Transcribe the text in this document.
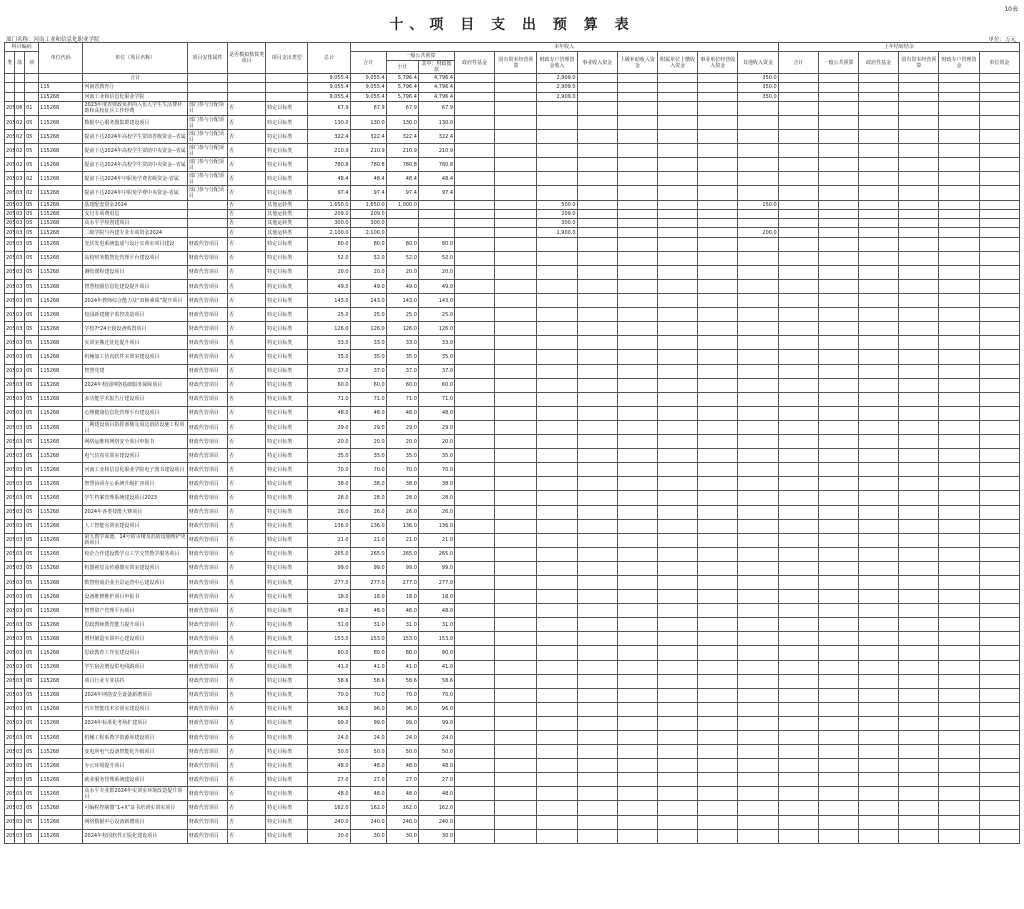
10表
十、项 目 支 出 预 算 表
部门名称：河南工业和信息化职业学院	单位：万元
科目编码			单位代码	单位（项目名称）	项目安排属性	是否模拟核算类项目	项目支出类型	总计	本年收入											上年结转结余					
类	款	项							合计	一般公共预算		政府性基金	国有资本经营预算	财政专户管理资金收入	事业收入资金	上级补助收入资金	附属单位上缴收入资金	事业单位经营收入资金	其他收入资金	合计	一般公共预算	政府性基金	国有资本经营预算	财政专户管理资金	单位资金
										小计	其中：财政拨款														
				合计				9,055.4	9,055.4	5,796.4	4,796.4			2,909.0					350.0						
			115	河南省教育厅				9,055.4	9,055.4	5,796.4	4,796.4			2,909.0					350.0						
			115268	河南工业和信息化职业学院				9,055.4	9,055.4	5,796.4	4,796.4			2,909.0					350.0						
205	06	01	115268	2023年度省财政负担的入伍大学生生活费补助和高校征兵工作经费	部门参与分配项目	否	特定目标类	67.9	67.9	67.9	67.9														
205	02	05	115268	数据中心服务器集群建设项目	部门参与分配项目	否	特定目标类	130.0	130.0	130.0	130.0														
205	02	05	115268	提前下达2024年高校学生资助省级资金--省属	部门参与分配项目	否	特定目标类	322.4	322.4	322.4	322.4														
205	02	05	115268	提前下达2024年高校学生资助中央资金--省属	部门参与分配项目	否	特定目标类	210.9	210.9	210.9	210.9														
205	02	05	115268	提前下达2024年高校学生资助中央资金--省属	部门参与分配项目	否	特定目标类	780.8	780.8	780.8	780.8														
205	03	02	115268	提前下达2024年中职免学费省级资金-省属	部门参与分配项目	否	特定目标类	48.4	48.4	48.4	48.4														
205	03	02	115268	提前下达2024年中职免学费中央资金-省属	部门参与分配项目	否	特定目标类	97.4	97.4	97.4	97.4														
205	03	05	115268	基建配套资金2024		否	其他运转类	1,650.0	1,650.0	1,000.0				500.0					150.0						
205	03	05	115268	支付专项费用息		否	其他运转类	209.0	209.0					209.0											
205	03	05	115268	高水平学校创建项目		否	其他运转类	300.0	300.0					300.0											
205	03	05	115268	二级学院与内建专业专项资金2024		否	其他运转类	2,100.0	2,100.0					1,900.0					200.0						
205	03	05	115268	光伏发电系统集成与设计实训室项目建设	财政代管项目	否	特定目标类	80.0	80.0	80.0	80.0														
205	03	05	115268	高校财务数智化管理平台建设项目	财政代管项目	否	特定目标类	52.0	52.0	52.0	52.0														
205	03	05	115268	测绘课程建设项目	财政代管项目	否	特定目标类	20.0	20.0	20.0	20.0														
205	03	05	115268	智慧校園信息化建设提升项目	财政代管项目	否	特定目标类	49.0	49.0	49.0	49.0														
205	03	05	115268	2024年教师综合能力及“双师素质”提升项目	财政代管项目	否	特定目标类	143.0	143.0	143.0	143.0														
205	03	05	115268	校园新建楼宇监控改造项目	财政代管项目	否	特定目标类	25.0	25.0	25.0	25.0														
205	03	05	115268	学校7*24全寝设备购置项目	财政代管项目	否	特定目标类	126.0	126.0	126.0	126.0														
205	03	05	115268	实训室搬迁优化提升项目	财政代管项目	否	特定目标类	33.0	33.0	33.0	33.0														
205	03	05	115268	机械加工仿真软件实训室建设项目	财政代管项目	否	特定目标类	35.0	35.0	35.0	35.0														
205	03	05	115268	智慧党建	财政代管项目	否	特定目标类	37.0	37.0	37.0	37.0														
205	03	05	115268	2024年校园网络基础服务保障项目	财政代管项目	否	特定目标类	60.0	60.0	60.0	60.0														
205	03	05	115268	多功能学术报告厅建设项目	财政代管项目	否	特定目标类	71.0	71.0	71.0	71.0														
205	03	05	115268	心理健康信息化管理平台建设项目	财政代管项目	否	特定目标类	48.0	48.0	48.0	48.0														
205	03	05	115268	二期建设项目指挥部楼及周边消防设施工程项目	财政代管项目	否	特定目标类	29.0	29.0	29.0	29.0														
205	03	05	115268	网络运维和网络安全项目申报书	财政代管项目	否	特定目标类	20.0	20.0	20.0	20.0														
205	03	05	115268	电气仿真实训室建设项目	财政代管项目	否	特定目标类	35.0	35.0	35.0	35.0														
205	03	05	115268	河南工业和信息化职业学院电子图书建设项目	财政代管项目	否	特定目标类	70.0	70.0	70.0	70.0														
205	03	05	115268	智慧协同办公系统升级扩容项目	财政代管项目	否	特定目标类	38.0	38.0	38.0	38.0														
205	03	05	115268	学生档案管理系统建设项目2023	财政代管项目	否	特定目标类	28.0	28.0	28.0	28.0														
205	03	05	115268	2024年各类技能大赛项目	财政代管项目	否	特定目标类	26.0	26.0	26.0	26.0														
205	03	05	115268	人工智能实训室建设项目	财政代管项目	否	特定目标类	136.0	136.0	136.0	136.0														
205	03	05	115268	第五教学面池、14号宿舍楼及消防设施维护更新项目	财政代管项目	否	特定目标类	21.0	21.0	21.0	21.0														
205	03	05	115268	校企合作建设教学点工学交替教学服务项目	财政代管项目	否	特定目标类	265.0	265.0	265.0	265.0														
205	03	05	115268	机器视觉及传感器实训室建设项目	财政代管项目	否	特定目标类	99.0	99.0	99.0	99.0														
205	03	05	115268	数智财商企业全景运营中心建设项目	财政代管项目	否	特定目标类	277.0	277.0	277.0	277.0														
205	03	05	115268	设备维修维护项目申报书	财政代管项目	否	特定目标类	18.0	18.0	18.0	18.0														
205	03	05	115268	智慧资产管理平台项目	财政代管项目	否	特定目标类	48.0	48.0	48.0	48.0														
205	03	05	115268	思政教师教育能力提升项目	财政代管项目	否	特定目标类	31.0	31.0	31.0	31.0														
205	03	05	115268	增材制造实训中心建设项目	财政代管项目	否	特定目标类	153.0	153.0	153.0	153.0														
205	03	05	115268	思政教育工作室建设项目	财政代管项目	否	特定目标类	80.0	80.0	80.0	80.0														
205	03	05	115268	学生宿舍增设供电线路项目	财政代管项目	否	特定目标类	41.0	41.0	41.0	41.0														
205	03	05	115268	项目行业专业扶持	财政代管项目	否	特定目标类	58.6	58.6	58.6	58.6														
205	03	05	115268	2024年网络安全设备新增项目	财政代管项目	否	特定目标类	70.0	70.0	70.0	70.0														
205	03	05	115268	汽车智能技术实训室建设项目	财政代管项目	否	特定目标类	96.0	96.0	96.0	96.0														
205	03	05	115268	2024年标准化考场扩建项目	财政代管项目	否	特定目标类	99.0	99.0	99.0	99.0														
205	03	05	115268	机械工程系教学资源库建设项目	财政代管项目	否	特定目标类	24.0	24.0	24.0	24.0														
205	03	05	115268	变电所电气设备智能化升级项目	财政代管项目	否	特定目标类	50.0	50.0	50.0	50.0														
205	03	05	115268	办公环境提升项目	财政代管项目	否	特定目标类	48.0	48.0	48.0	48.0														
205	03	05	115268	就业服务管理系统建设项目	财政代管项目	否	特定目标类	27.0	27.0	27.0	27.0														
205	03	05	115268	高水平专业群2024年实训室环境改造提升项目	财政代管项目	否	特定目标类	48.0	48.0	48.0	48.0														
205	03	05	115268	可编程控制器“1+X”证书培训实训室项目	财政代管项目	否	特定目标类	162.0	162.0	162.0	162.0														
205	03	05	115268	网络数据中心设备新增项目	财政代管项目	否	特定目标类	240.0	240.0	240.0	240.0														
205	03	05	115268	2024年校园软件正版化建设项目	财政代管项目	否	特定目标类	30.0	30.0	30.0	30.0														
